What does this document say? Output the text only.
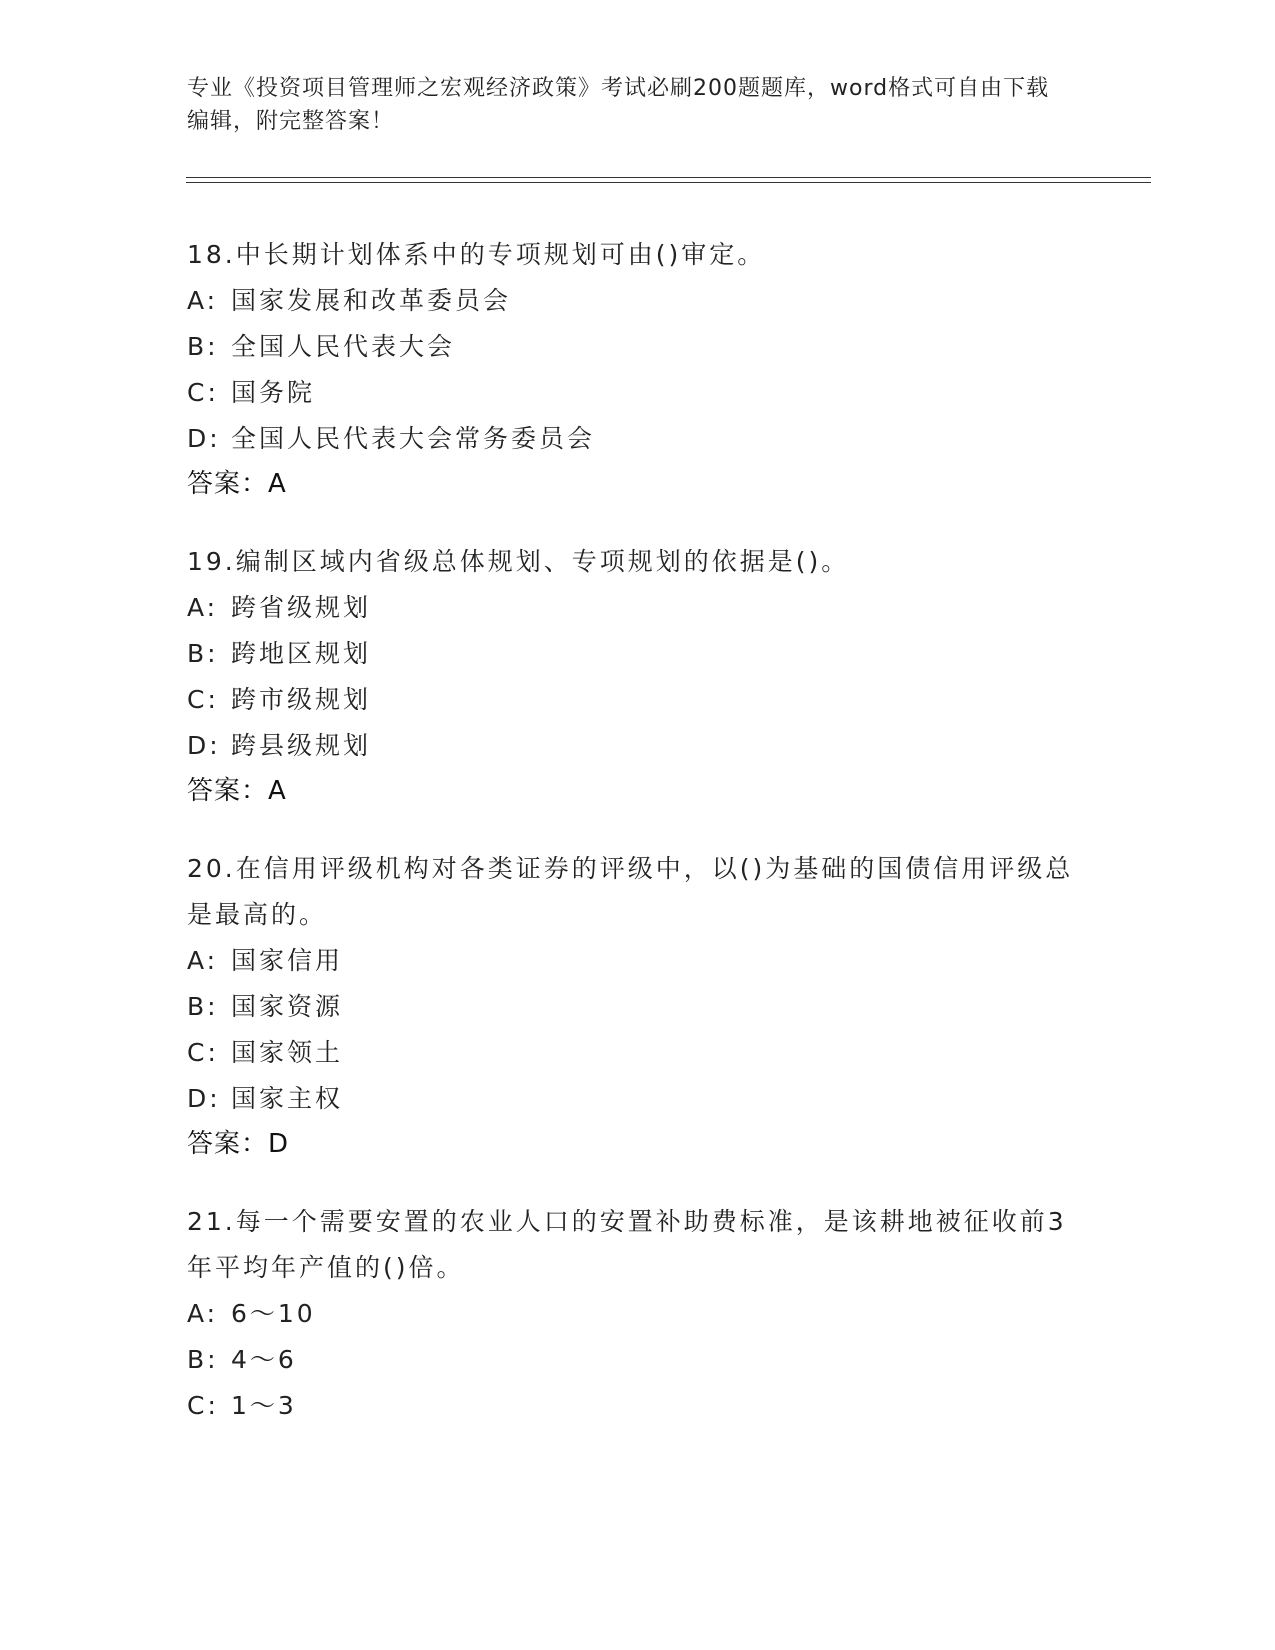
专业《投资项目管理师之宏观经济政策》考试必刷200题题库，word格式可自由下载编辑，附完整答案！

18.中长期计划体系中的专项规划可由()审定。

A: 国家发展和改革委员会

B: 全国人民代表大会

C: 国务院

D: 全国人民代表大会常务委员会

答案：A

19.编制区域内省级总体规划、专项规划的依据是()。

A: 跨省级规划

B: 跨地区规划

C: 跨市级规划

D: 跨县级规划

答案：A

20.在信用评级机构对各类证券的评级中，以()为基础的国债信用评级总是最高的。

A: 国家信用

B: 国家资源

C: 国家领土

D: 国家主权

答案：D

21.每一个需要安置的农业人口的安置补助费标准，是该耕地被征收前3年平均年产值的()倍。

A: 6～10

B: 4～6

C: 1～3
